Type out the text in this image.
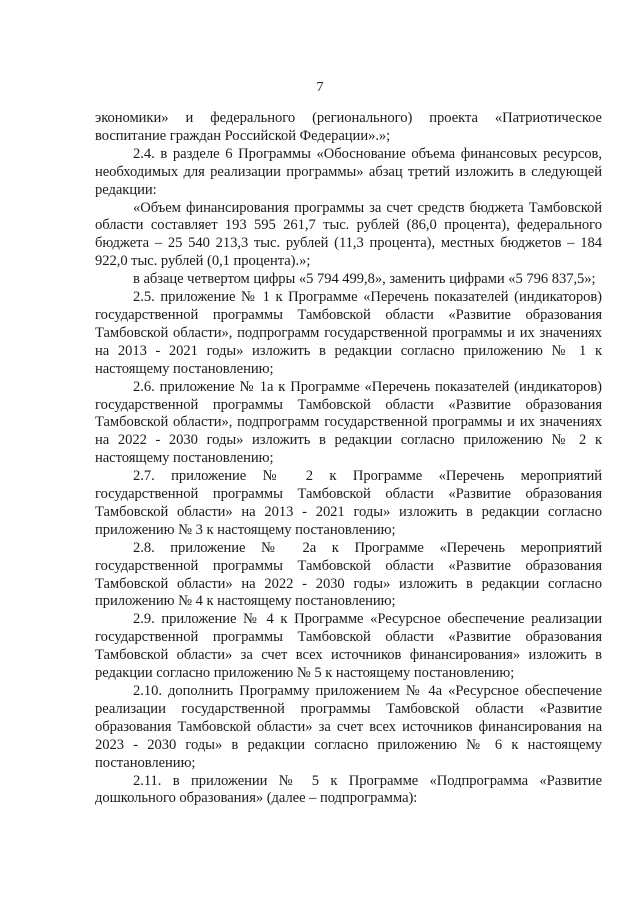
7

экономики» и федерального (регионального) проекта «Патриотическое воспитание граждан Российской Федерации».»;

2.4. в разделе 6 Программы «Обоснование объема финансовых ресурсов, необходимых для реализации программы» абзац третий изложить в следующей редакции:

«Объем финансирования программы за счет средств бюджета Тамбовской области составляет 193 595 261,7 тыс. рублей (86,0 процента), федерального бюджета – 25 540 213,3 тыс. рублей (11,3 процента), местных бюджетов – 184 922,0 тыс. рублей (0,1 процента).»;

в абзаце четвертом цифры «5 794 499,8», заменить цифрами «5 796 837,5»;

2.5. приложение № 1 к Программе «Перечень показателей (индикаторов) государственной программы Тамбовской области «Развитие образования Тамбовской области», подпрограмм государственной программы и их значениях на 2013 - 2021 годы» изложить в редакции согласно приложению № 1 к настоящему постановлению;

2.6. приложение № 1а к Программе «Перечень показателей (индикаторов) государственной программы Тамбовской области «Развитие образования Тамбовской области», подпрограмм государственной программы и их значениях на 2022 - 2030 годы» изложить в редакции согласно приложению № 2 к настоящему постановлению;

2.7. приложение № 2 к Программе «Перечень мероприятий государственной программы Тамбовской области «Развитие образования Тамбовской области» на 2013 - 2021 годы» изложить в редакции согласно приложению № 3 к настоящему постановлению;

2.8. приложение № 2а к Программе «Перечень мероприятий государственной программы Тамбовской области «Развитие образования Тамбовской области» на 2022 - 2030 годы» изложить в редакции согласно приложению № 4 к настоящему постановлению;

2.9. приложение № 4 к Программе «Ресурсное обеспечение реализации государственной программы Тамбовской области «Развитие образования Тамбовской области» за счет всех источников финансирования» изложить в редакции согласно приложению № 5 к настоящему постановлению;

2.10. дополнить Программу приложением № 4а «Ресурсное обеспечение реализации государственной программы Тамбовской области «Развитие образования Тамбовской области» за счет всех источников финансирования на 2023 - 2030 годы» в редакции согласно приложению № 6 к настоящему постановлению;

2.11. в приложении № 5 к Программе «Подпрограмма «Развитие дошкольного образования» (далее – подпрограмма):
